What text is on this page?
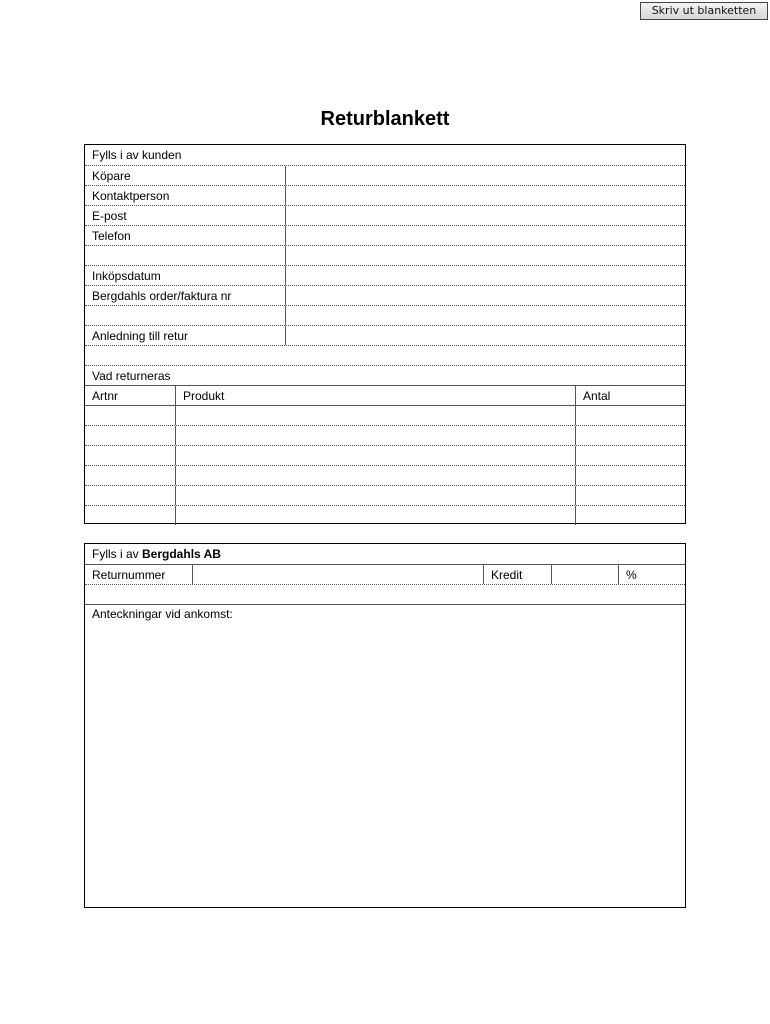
Skriv ut blanketten
Returblankett
Fylls i av kunden
Köpare
Kontaktperson
E-post
Telefon
Inköpsdatum
Bergdahls order/faktura nr
Anledning till retur
Vad returneras
Artnr	Produkt	Antal
Fylls i av Bergdahls AB
Returnummer	Kredit	%
Anteckningar vid ankomst:
